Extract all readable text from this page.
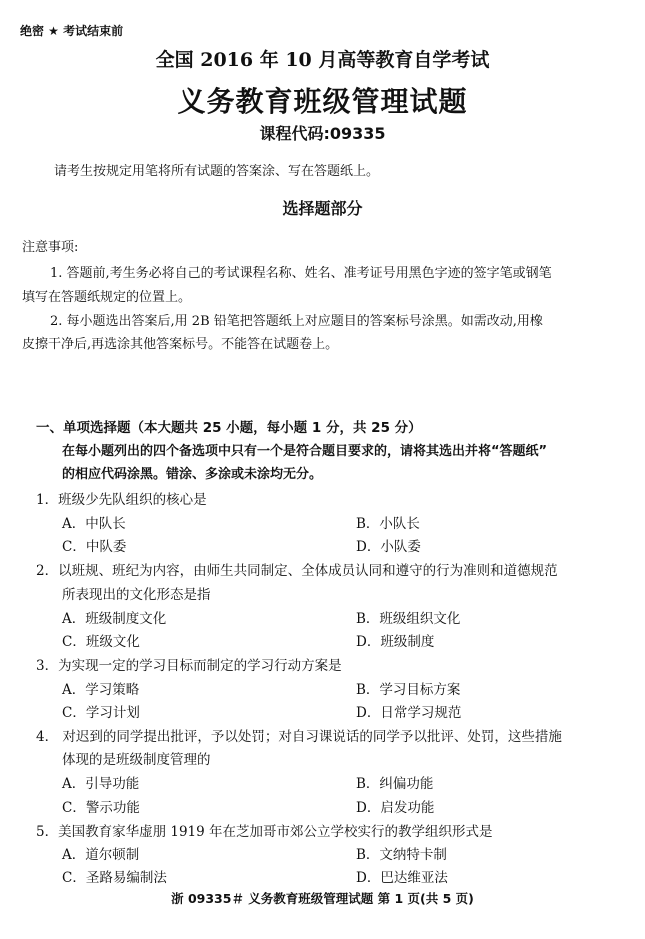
绝密 ★ 考试结束前
全国 2016 年 10 月高等教育自学考试
义务教育班级管理试题
课程代码:09335
请考生按规定用笔将所有试题的答案涂、写在答题纸上。
选择题部分
注意事项:
1. 答题前,考生务必将自己的考试课程名称、姓名、准考证号用黑色字迹的签字笔或钢笔
填写在答题纸规定的位置上。
2. 每小题选出答案后,用 2B 铅笔把答题纸上对应题目的答案标号涂黑。如需改动,用橡
皮擦干净后,再选涂其他答案标号。不能答在试题卷上。
一、单项选择题（本大题共 25 小题，每小题 1 分，共 25 分）
在每小题列出的四个备选项中只有一个是符合题目要求的，请将其选出并将“答题纸”
的相应代码涂黑。错涂、多涂或未涂均无分。
1．班级少先队组织的核心是
A．中队长	B．小队长
C．中队委	D．小队委
2．以班规、班纪为内容，由师生共同制定、全体成员认同和遵守的行为准则和道德规范
所表现出的文化形态是指
A．班级制度文化	B．班级组织文化
C．班级文化	D．班级制度
3．为实现一定的学习目标而制定的学习行动方案是
A．学习策略	B．学习目标方案
C．学习计划	D．日常学习规范
4． 对迟到的同学提出批评，予以处罚；对自习课说话的同学予以批评、处罚，这些措施
体现的是班级制度管理的
A．引导功能	B．纠偏功能
C．警示功能	D．启发功能
5．美国教育家华虚朋 1919 年在芝加哥市郊公立学校实行的教学组织形式是
A．道尔顿制	B．文纳特卡制
C．圣路易编制法	D．巴达维亚法
浙 09335＃ 义务教育班级管理试题 第 1 页(共 5 页)
